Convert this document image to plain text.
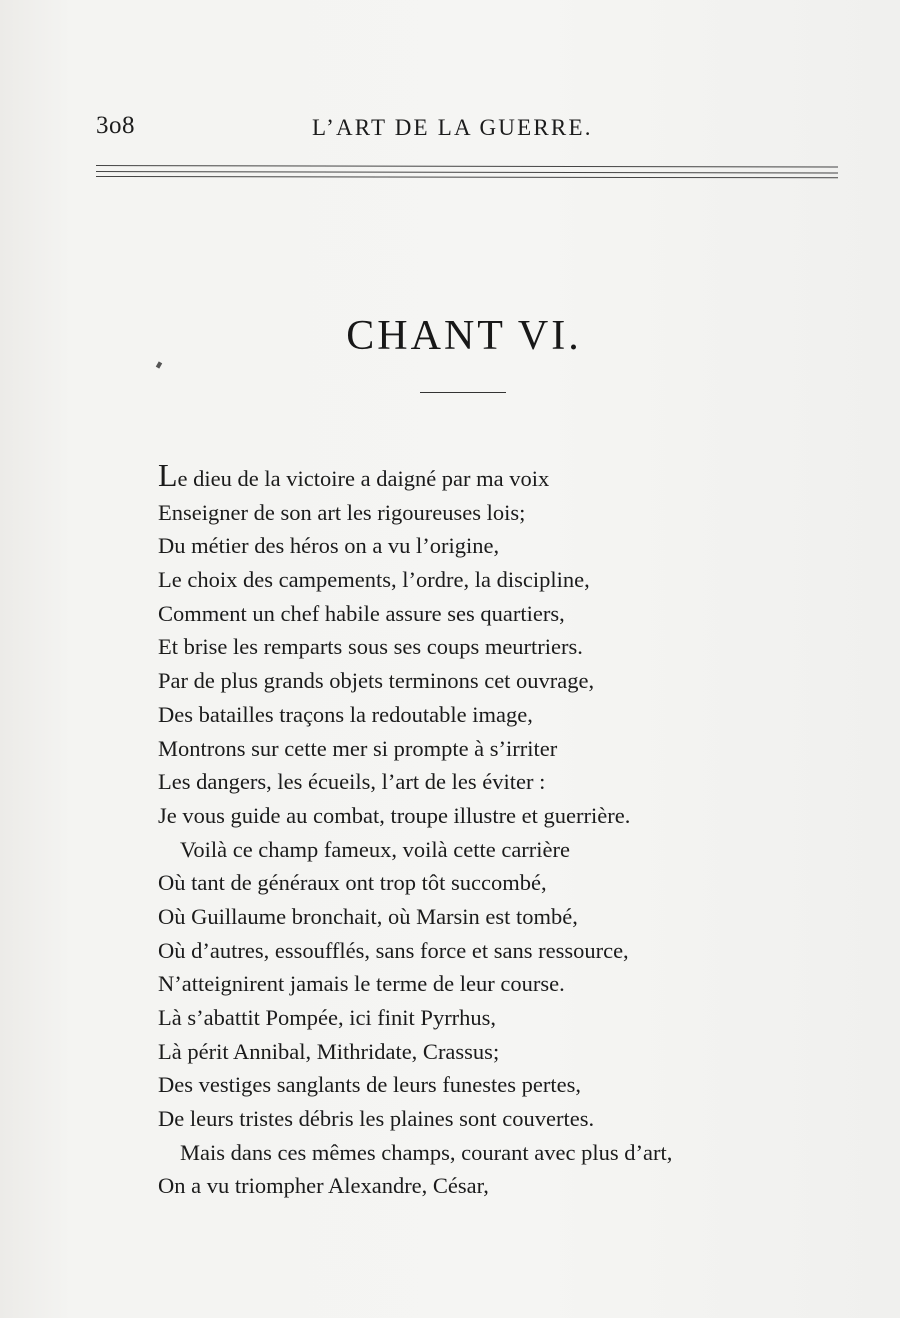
3o8	L’ART DE LA GUERRE.
CHANT VI.
Le dieu de la victoire a daigné par ma voix
Enseigner de son art les rigoureuses lois;
Du métier des héros on a vu l’origine,
Le choix des campements, l’ordre, la discipline,
Comment un chef habile assure ses quartiers,
Et brise les remparts sous ses coups meurtriers.
Par de plus grands objets terminons cet ouvrage,
Des batailles traçons la redoutable image,
Montrons sur cette mer si prompte à s’irriter
Les dangers, les écueils, l’art de les éviter :
Je vous guide au combat, troupe illustre et guerrière.
Voilà ce champ fameux, voilà cette carrière
Où tant de généraux ont trop tôt succombé,
Où Guillaume bronchait, où Marsin est tombé,
Où d’autres, essoufflés, sans force et sans ressource,
N’atteignirent jamais le terme de leur course.
Là s’abattit Pompée, ici finit Pyrrhus,
Là périt Annibal, Mithridate, Crassus;
Des vestiges sanglants de leurs funestes pertes,
De leurs tristes débris les plaines sont couvertes.
Mais dans ces mêmes champs, courant avec plus d’art,
On a vu triompher Alexandre, César,
